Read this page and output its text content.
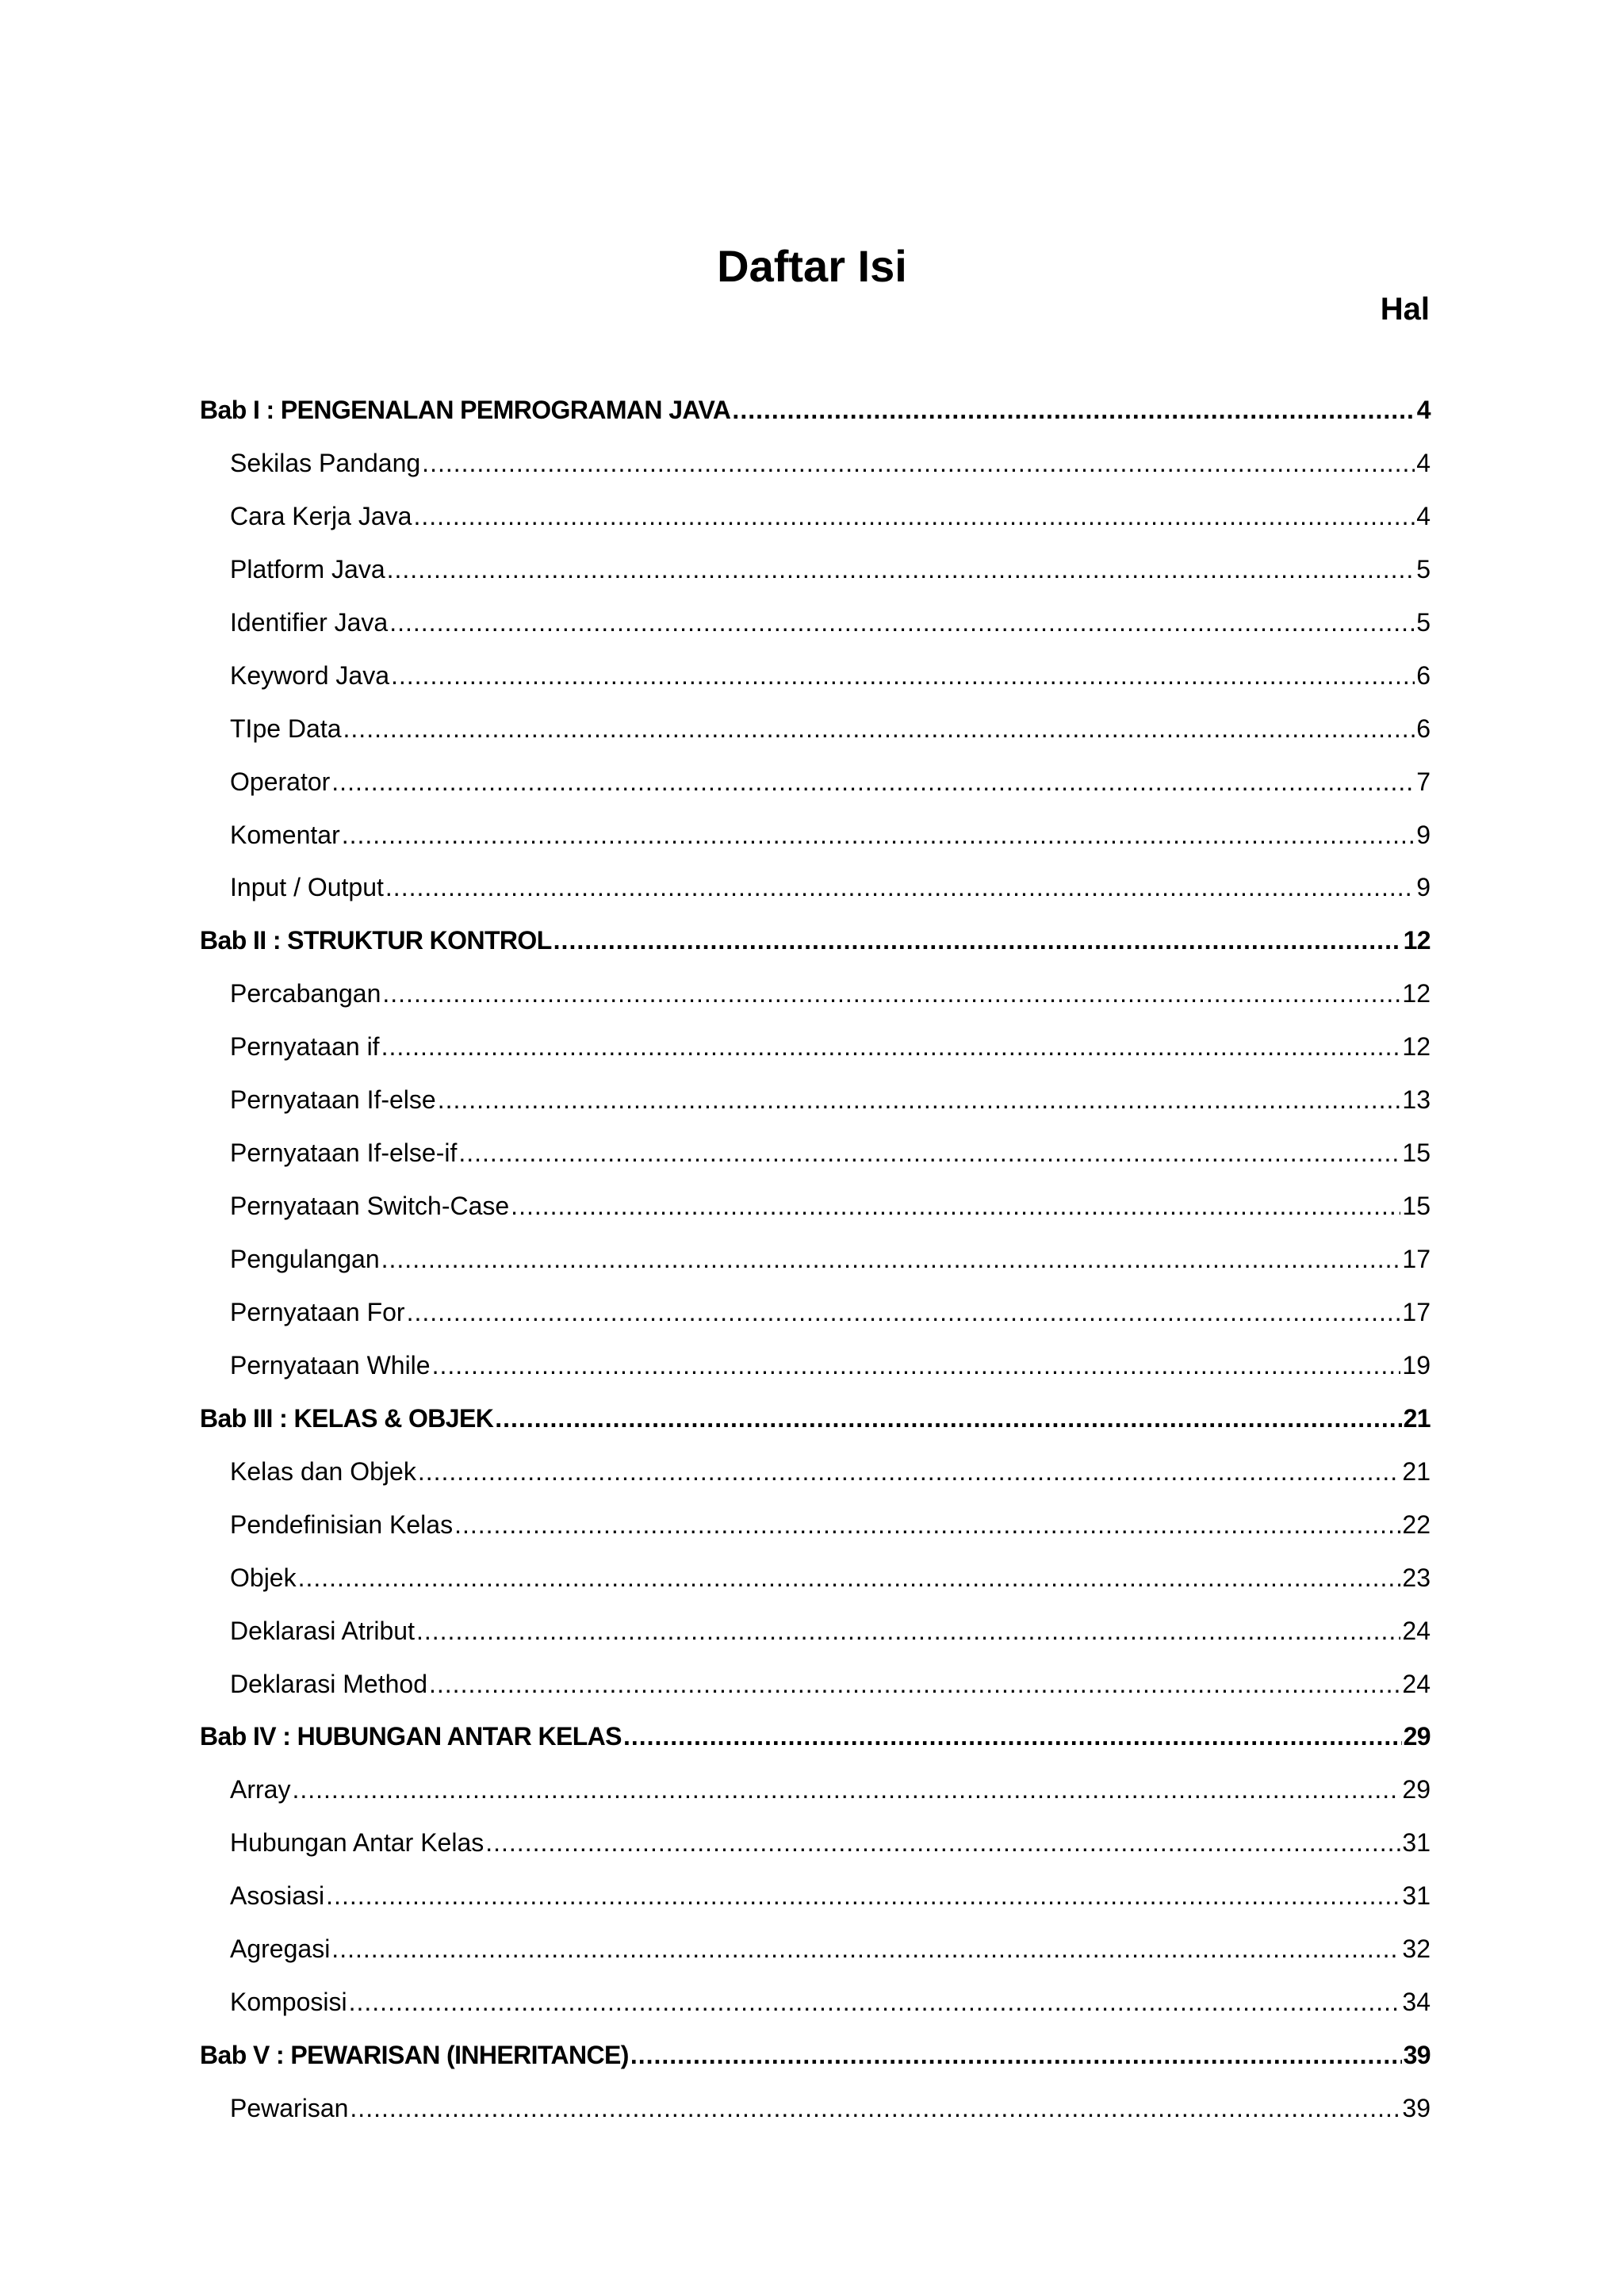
Daftar Isi
Hal
Bab I : PENGENALAN PEMROGRAMAN JAVA .....	4
Sekilas Pandang .....	4
Cara Kerja Java .....	4
Platform Java .....	5
Identifier Java .....	5
Keyword Java .....	6
TIpe Data .....	6
Operator .....	7
Komentar .....	9
Input / Output .....	9
Bab II : STRUKTUR KONTROL .....	12
Percabangan .....	12
Pernyataan if .....	12
Pernyataan If-else .....	13
Pernyataan If-else-if .....	15
Pernyataan Switch-Case .....	15
Pengulangan .....	17
Pernyataan For .....	17
Pernyataan While .....	19
Bab III : KELAS & OBJEK .....	21
Kelas dan Objek .....	21
Pendefinisian Kelas .....	22
Objek .....	23
Deklarasi Atribut .....	24
Deklarasi Method .....	24
Bab IV : HUBUNGAN ANTAR KELAS .....	29
Array .....	29
Hubungan Antar Kelas .....	31
Asosiasi .....	31
Agregasi .....	32
Komposisi .....	34
Bab V : PEWARISAN (INHERITANCE) .....	39
Pewarisan .....	39
